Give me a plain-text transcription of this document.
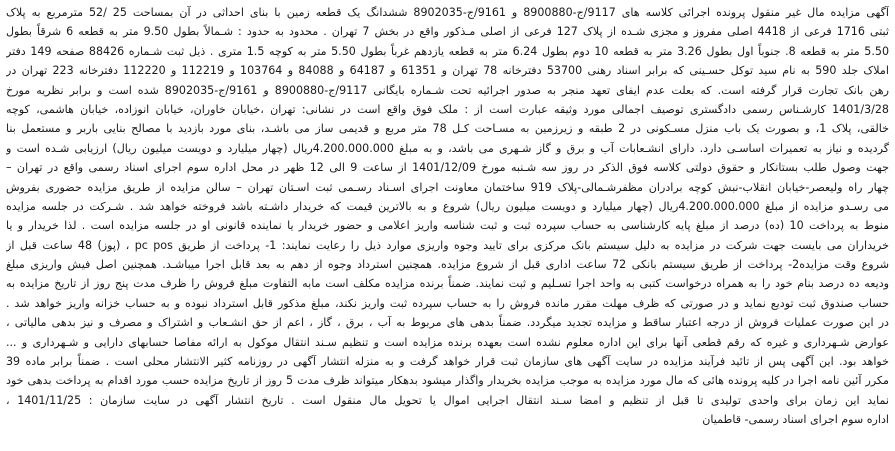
آگهی مزایده مال غیر منقول پرونده اجرائی کلاسه های 9117/ج-8900880 و 9161/ج-8902035 ششدانگ یک قطعه زمین با بنای احداثی در آن بمساحت 25 /52 مترمربع به پلاک
ثبتی 1716 فرعی از 4418 اصلی مفروز و مجزی شـده از پلاک 127 فرعی از اصلی مـذکور واقع در بخش 7 تهران . محدود به حدود : شـمالاً بطول 9.50 متر به قطعه 6 شرقاً بطول
5.50 متر به قطعه 8. جنوباً اول بطول 3.26 متر به قطعه 10 دوم بطول 6.24 متر به قطعه یازدهم غرباً بطول 5.50 متر به کوچه 1.5 متری . ذیل ثبت شـماره 88426 صفحه 149 دفتر
املاک جلد 590 به نام سید توکل حسـینی که برابر اسناد رهنی 53700 دفترخانه 78 تهران و 61351 و 64187 و 84088 و 103764 و 112219 و 112220 دفترخانه 223 تهران در
رهن بانک تجارت قرار گرفته است. که بعلت عدم ایفای تعهد منجر به صدور اجرائیه تحت شـماره بایگانی 9117/ج-8900880 و 9161/ج-8902035 شده است و برابر نظریه مورخ
1401/3/28 کارشـناس رسمی دادگستری توصیف اجمالی مورد وثیقه عبارت است از : ملک فوق واقع است در نشانی: تهران ،خیابان خاوران، خیابان انوزاده، خیابان هاشمی، کوچه
خالقی، پلاک 1، و بصورت یک باب منزل مسـکونی در 2 طبقه و زیرزمین به مسـاحت کـل 78 متر مربع و قدیمی ساز می باشـد، بنای مورد بازدید با مصالح بنایی باربر و مستعمل بنا
گردیده و نیاز به تعمیرات اساسـی دارد. دارای انشـعابات آب و برق و گاز شـهری می باشد، و به مبلغ 4.200.000.000ریال (چهار میلیارد و دویست میلیون ریال) ارزیابی شـده است و
جهت وصول طلب بستانکار و حقوق دولتی کلاسه فوق الذکر در روز سه شـنبه مورخ 1401/12/09 از ساعت 9 الی 12 ظهر در محل اداره سوم اجرای اسناد رسمی واقع در تهران –
چهار راه ولیعصر-خیابان انقلاب-نبش کوچه برادران مظفرشـمالی-پلاک 919 ساختمان معاونت اجرای اسـناد رسـمی ثبت اسـتان تهران – سالن مزایده از طریق مزایده حضوری بفروش
می رسـدو مزایده از مبلغ 4.200.000.000ریال (چهار میلیارد و دویست میلیون ریال) شروع و به بالاترین قیمت که خریدار داشـته باشد فروخته خواهد شد . شـرکت در جلسه مزایده
منوط به پرداخت 10 (ده) درصد از مبلغ پایه کارشناسی به حساب سپرده ثبت و ثبت شناسه واریز اعلامی و حضور خریدار یا نماینده قانونی او در جلسه مزایده است . لذا خریدار و یا
خریداران می بایست جهت شرکت در مزایده به دلیل سیستم بانک مرکزی برای تایید وجوه واریزی موارد ذیل را رعایت نمایند: 1- پرداخت از طریق pc pos ، (پوز) 48 ساعت قبل از
شروع وقت مزایده2- پرداخت از طریق سیستم بانکی 72 ساعت اداری قبل از شروع مزایده. همچنین استرداد وجوه از دهم به بعد قابل اجرا میباشـد. همچنین اصل فیش واریزی مبلغ
ودیعه ده درصد بنام خود را به همراه درخواست کتبی به واحد اجرا تسـلیم و ثبت نمایند. ضمناً برنده مزایده مکلف است مابه التفاوت مبلغ فروش را ظرف مدت پنج روز از تاریخ مزایده به
حساب صندوق ثبت تودیع نماید و در صورتی که ظرف مهلت مقرر مانده فروش را به حساب سپرده ثبت واریز نکند، مبلغ مذکور قابل استرداد نبوده و به حساب خزانه واریز خواهد شد .
در این صورت عملیات فروش از درجه اعتبار ساقط و مزایده تجدید میگردد. ضمناً بدهی های مربوط به آب ، برق ، گاز ، اعم از حق انشـعاب و اشتراک و مصرف و نیز بدهی مالیاتی ،
عوارض شـهرداری و غیره که رقم قطعی آنها برای این اداره معلوم نشده است بعهده برنده مزایده است و تنظیم سـند انتقال موکول به ارائه مفاصا حسابهای دارایی و شـهرداری و ...
خواهد بود. این آگهی پس از تائید فرآیند مزایده در سایت آگهی های سازمان ثبت قرار خواهد گرفت و به منزله انتشار آگهی در روزنامه کثیر الانتشار محلی است . ضمناً برابر ماده 39
مکرر آئین نامه اجرا در کلیه پرونده هائی که مال مورد مزایده به موجب مزایده بخریدار واگذار میشود بدهکار میتواند ظرف مدت 5 روز از تاریخ مزایده حسب مورد اقدام به پرداخت بدهی خود
نماید این زمان برای واحدی تولیدی تا قبل از تنظیم و امضا سـند انتقال اجرایی اموال یا تحویل مال منقول است . تاریخ انتشار آگهی در سایت سازمان : 1401/11/25 ،
اداره سوم اجرای اسناد رسمی- قاطمیان
